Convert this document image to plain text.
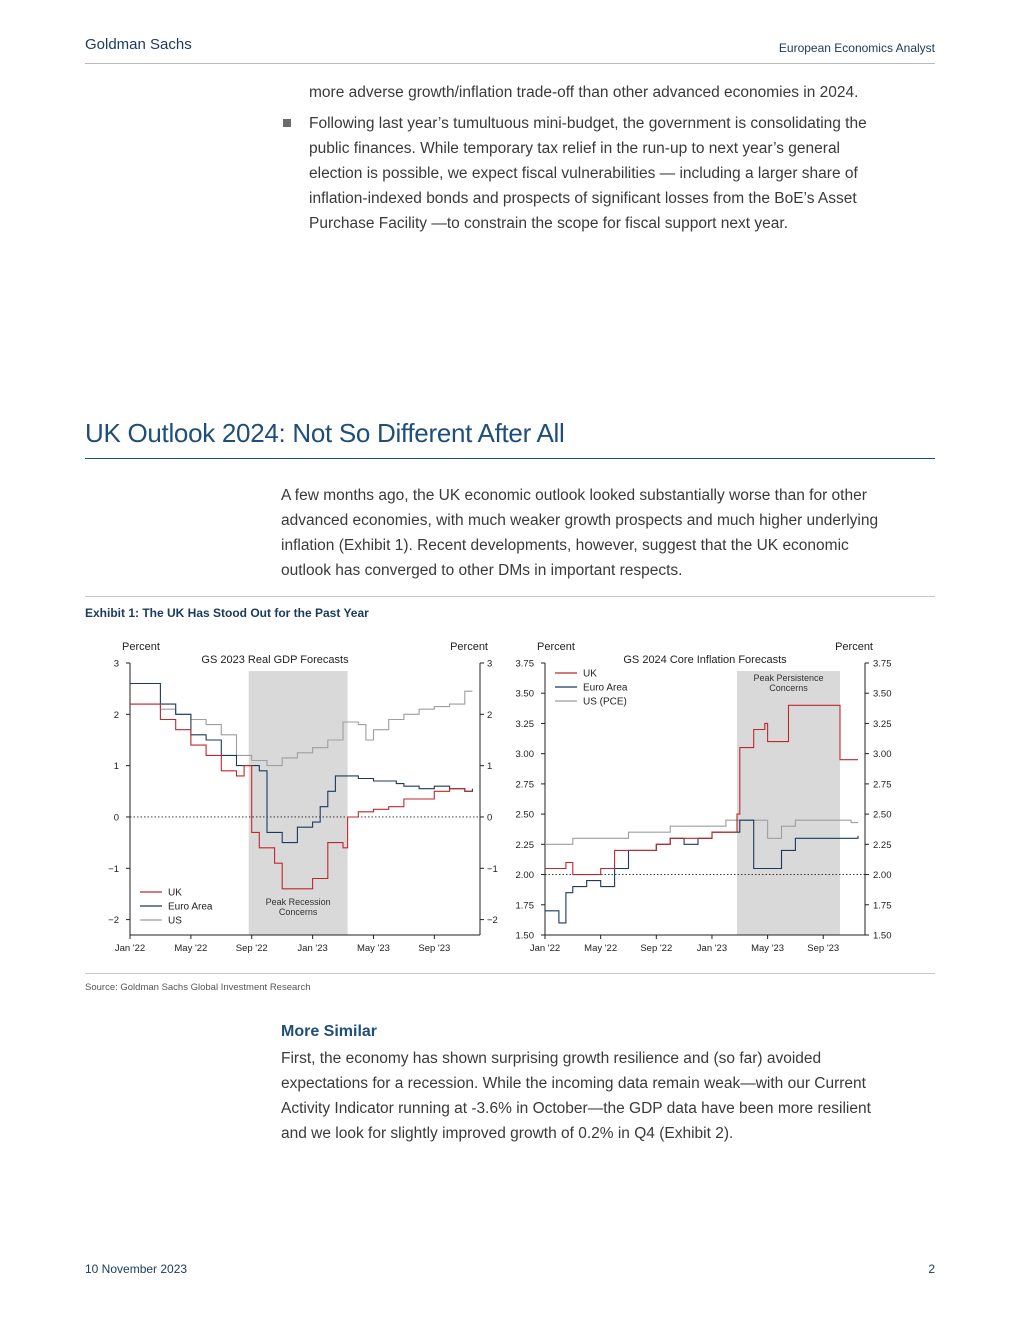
Goldman Sachs	European Economics Analyst
more adverse growth/inflation trade-off than other advanced economies in 2024.
Following last year’s tumultuous mini-budget, the government is consolidating the
public finances. While temporary tax relief in the run-up to next year’s general
election is possible, we expect fiscal vulnerabilities — including a larger share of
inflation-indexed bonds and prospects of significant losses from the BoE’s Asset
Purchase Facility —to constrain the scope for fiscal support next year.
UK Outlook 2024: Not So Different After All
A few months ago, the UK economic outlook looked substantially worse than for other
advanced economies, with much weaker growth prospects and much higher underlying
inflation (Exhibit 1). Recent developments, however, suggest that the UK economic
outlook has converged to other DMs in important respects.
Exhibit 1: The UK Has Stood Out for the Past Year
Peak Recession
Concerns
3	3
2	2
1	1
0	0
−1	−1
−2	−2
Jan '22	May '22	Sep '22	Jan '23	May '23	Sep '23
Percent	Percent
GS 2023 Real GDP Forecasts
UK
Euro Area
US
Peak Persistence
Concerns
3.75	3.75
3.50	3.50
3.25	3.25
3.00	3.00
2.75	2.75
2.50	2.50
2.25	2.25
2.00	2.00
1.75	1.75
1.50	1.50
Jan '22	May '22 Sep '22	Jan '23	May '23 Sep '23
Percent	Percent
GS 2024 Core Inflation Forecasts
UK
Euro Area
US (PCE)
Source: Goldman Sachs Global Investment Research
More Similar
First, the economy has shown surprising growth resilience and (so far) avoided
expectations for a recession. While the incoming data remain weak—with our Current
Activity Indicator running at -3.6% in October—the GDP data have been more resilient
and we look for slightly improved growth of 0.2% in Q4 (Exhibit 2).
10 November 2023	2
